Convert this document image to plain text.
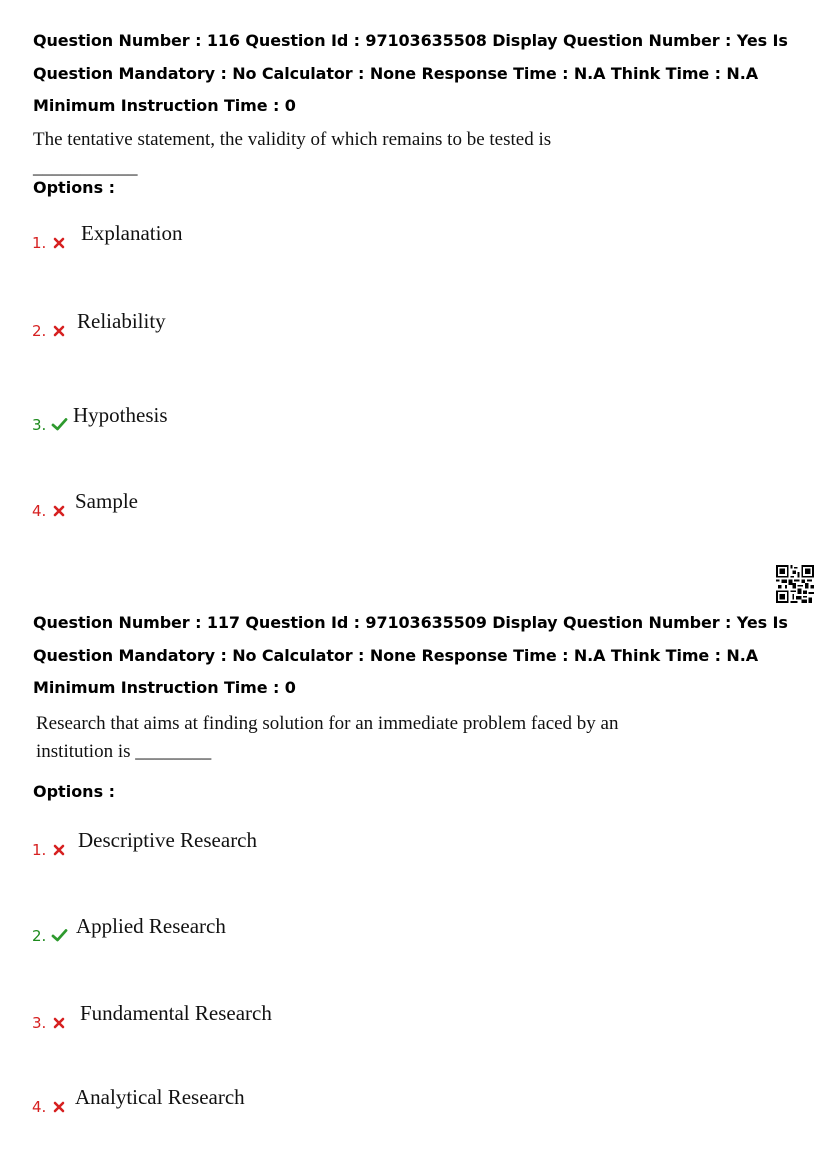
Question Number : 116 Question Id : 97103635508 Display Question Number : Yes Is Question Mandatory : No Calculator : None Response Time : N.A Think Time : N.A Minimum Instruction Time : 0
The tentative statement, the validity of which remains to be tested is ___________
Options :
1. Explanation
2. Reliability
3. Hypothesis
4. Sample
Question Number : 117 Question Id : 97103635509 Display Question Number : Yes Is Question Mandatory : No Calculator : None Response Time : N.A Think Time : N.A Minimum Instruction Time : 0
Research that aims at finding solution for an immediate problem faced by an institution is ________
Options :
1. Descriptive Research
2. Applied Research
3. Fundamental Research
4. Analytical Research
